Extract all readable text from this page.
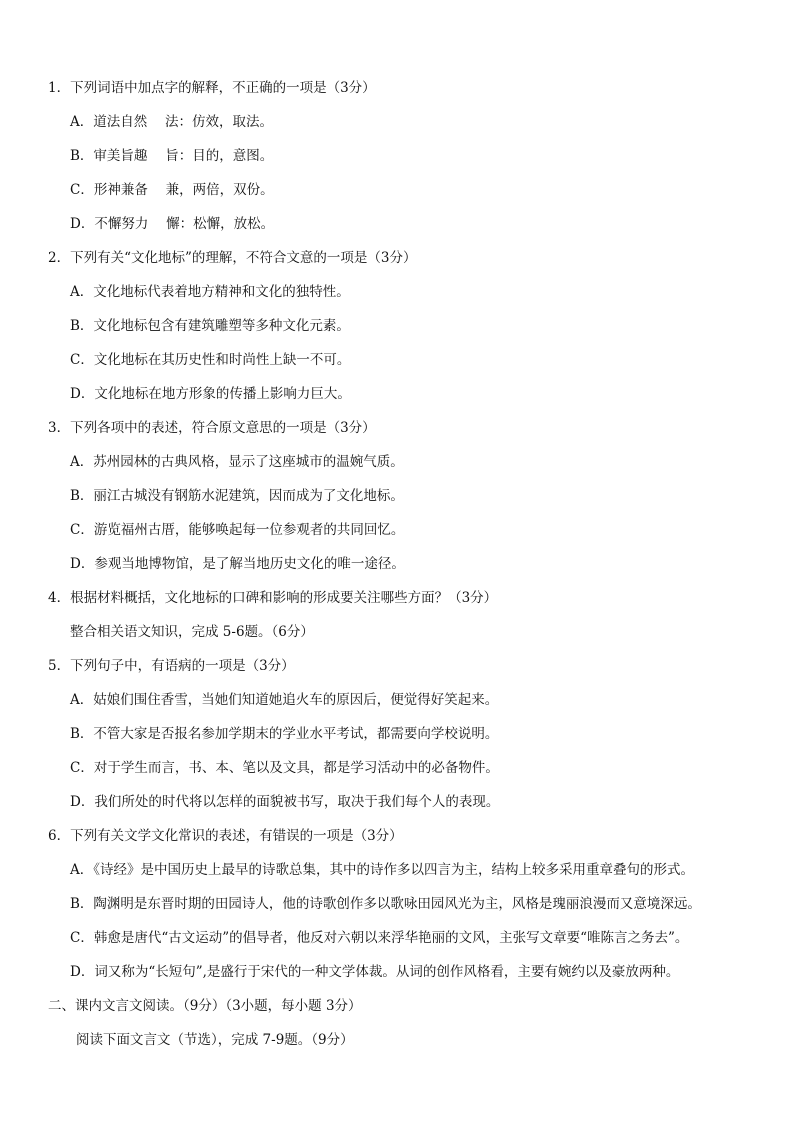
1．下列词语中加点字的解释，不正确的一项是（3分）
A．道法自然　 法：仿效，取法。
B．审美旨趣　 旨：目的，意图。
C．形神兼备　 兼，两倍，双份。
D．不懈努力　 懈：松懈，放松。
2．下列有关“文化地标”的理解，不符合文意的一项是（3分）
A．文化地标代表着地方精神和文化的独特性。
B．文化地标包含有建筑雕塑等多种文化元素。
C．文化地标在其历史性和时尚性上缺一不可。
D．文化地标在地方形象的传播上影响力巨大。
3．下列各项中的表述，符合原文意思的一项是（3分）
A．苏州园林的古典风格，显示了这座城市的温婉气质。
B．丽江古城没有钢筋水泥建筑，因而成为了文化地标。
C．游览福州古厝，能够唤起每一位参观者的共同回忆。
D．参观当地博物馆，是了解当地历史文化的唯一途径。
4．根据材料概括，文化地标的口碑和影响的形成要关注哪些方面？（3分）
整合相关语文知识，完成 5-6题。（6分）
5．下列句子中，有语病的一项是（3分）
A．姑娘们围住香雪，当她们知道她追火车的原因后，便觉得好笑起来。
B．不管大家是否报名参加学期末的学业水平考试，都需要向学校说明。
C．对于学生而言，书、本、笔以及文具，都是学习活动中的必备物件。
D．我们所处的时代将以怎样的面貌被书写，取决于我们每个人的表现。
6．下列有关文学文化常识的表述，有错误的一项是（3分）
A．《诗经》是中国历史上最早的诗歌总集，其中的诗作多以四言为主，结构上较多采用重章叠句的形式。
B．陶渊明是东晋时期的田园诗人，他的诗歌创作多以歌咏田园风光为主，风格是瑰丽浪漫而又意境深远。
C．韩愈是唐代“古文运动”的倡导者，他反对六朝以来浮华艳丽的文风，主张写文章要“唯陈言之务去”。
D．词又称为“长短句”,是盛行于宋代的一种文学体裁。从词的创作风格看，主要有婉约以及豪放两种。
二、课内文言文阅读。（9分）（3小题，每小题 3分）
阅读下面文言文（节选），完成 7-9题。（9分）
